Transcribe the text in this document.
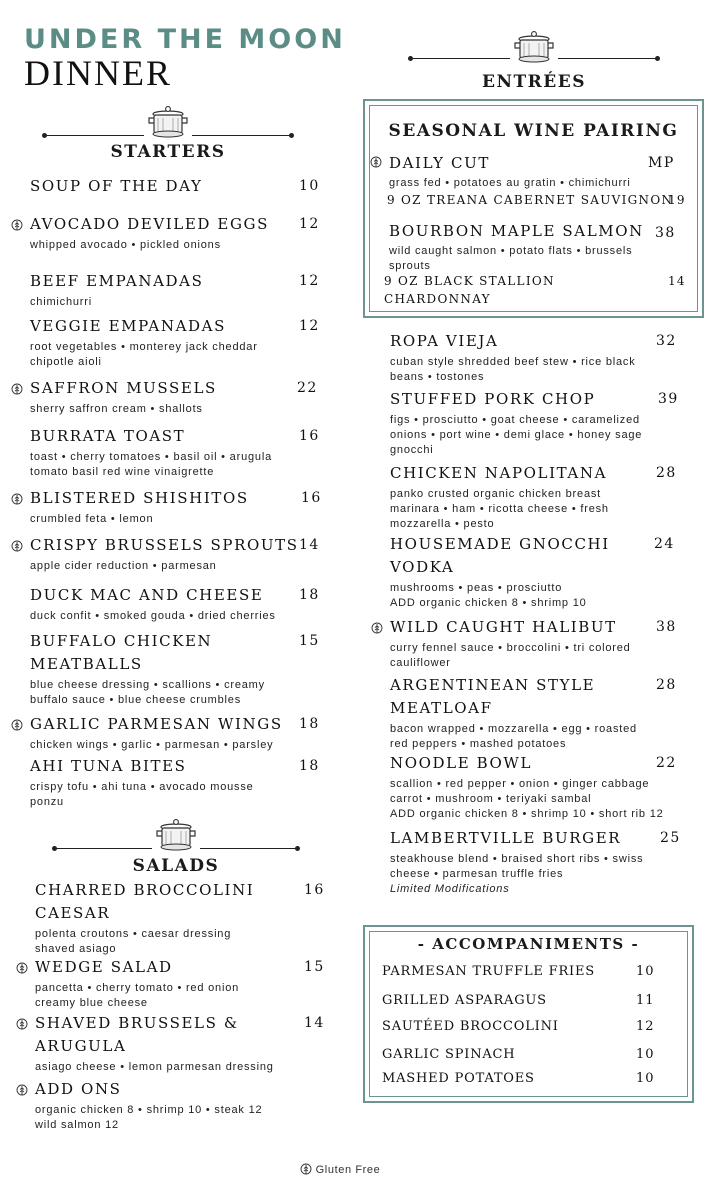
UNDER THE MOON
DINNER
STARTERS
SOUP OF THE DAY	10
AVOCADO DEVILED EGGS
whipped avocado • pickled onions
12
BEEF EMPANADAS
chimichurri
12
VEGGIE EMPANADAS
root vegetables • monterey jack cheddar chipotle aioli
12
SAFFRON MUSSELS
sherry saffron cream • shallots
22
BURRATA TOAST
toast • cherry tomatoes • basil oil • arugula tomato basil red wine vinaigrette
16
BLISTERED SHISHITOS
crumbled feta • lemon
16
CRISPY BRUSSELS SPROUTS
apple cider reduction • parmesan
14
DUCK MAC AND CHEESE
duck confit • smoked gouda • dried cherries
18
BUFFALO CHICKEN MEATBALLS
blue cheese dressing • scallions • creamy buffalo sauce • blue cheese crumbles
15
GARLIC PARMESAN WINGS
chicken wings • garlic • parmesan • parsley
18
AHI TUNA BITES
crispy tofu • ahi tuna • avocado mousse ponzu
18
SALADS
CHARRED BROCCOLINI CAESAR
polenta croutons • caesar dressing shaved asiago
16
WEDGE SALAD
pancetta • cherry tomato • red onion creamy blue cheese
15
SHAVED BRUSSELS & ARUGULA
asiago cheese • lemon parmesan dressing
14
ADD ONS
organic chicken 8 • shrimp 10 • steak 12 wild salmon 12
ENTRÉES
SEASONAL WINE PAIRING
DAILY CUT
grass fed • potatoes au gratin • chimichurri
MP
9 OZ TREANA CABERNET SAUVIGNON
19
BOURBON MAPLE SALMON
wild caught salmon • potato flats • brussels sprouts
38
9 OZ BLACK STALLION CHARDONNAY
14
ROPA VIEJA
cuban style shredded beef stew • rice black beans • tostones
32
STUFFED PORK CHOP
figs • prosciutto • goat cheese • caramelized onions • port wine • demi glace • honey sage gnocchi
39
CHICKEN NAPOLITANA
panko crusted organic chicken breast marinara • ham • ricotta cheese • fresh mozzarella • pesto
28
HOUSEMADE GNOCCHI VODKA
mushrooms • peas • prosciutto
ADD organic chicken 8 • shrimp 10
24
WILD CAUGHT HALIBUT
curry fennel sauce • broccolini • tri colored cauliflower
38
ARGENTINEAN STYLE MEATLOAF
bacon wrapped • mozzarella • egg • roasted red peppers • mashed potatoes
28
NOODLE BOWL
scallion • red pepper • onion • ginger cabbage carrot • mushroom • teriyaki sambal
ADD organic chicken 8 • shrimp 10 • short rib 12
22
LAMBERTVILLE BURGER
steakhouse blend • braised short ribs • swiss cheese • parmesan truffle fries
Limited Modifications
25
- ACCOMPANIMENTS -
PARMESAN TRUFFLE FRIES	10
GRILLED ASPARAGUS	11
SAUTÉED BROCCOLINI	12
GARLIC SPINACH	10
MASHED POTATOES	10
Gluten Free
